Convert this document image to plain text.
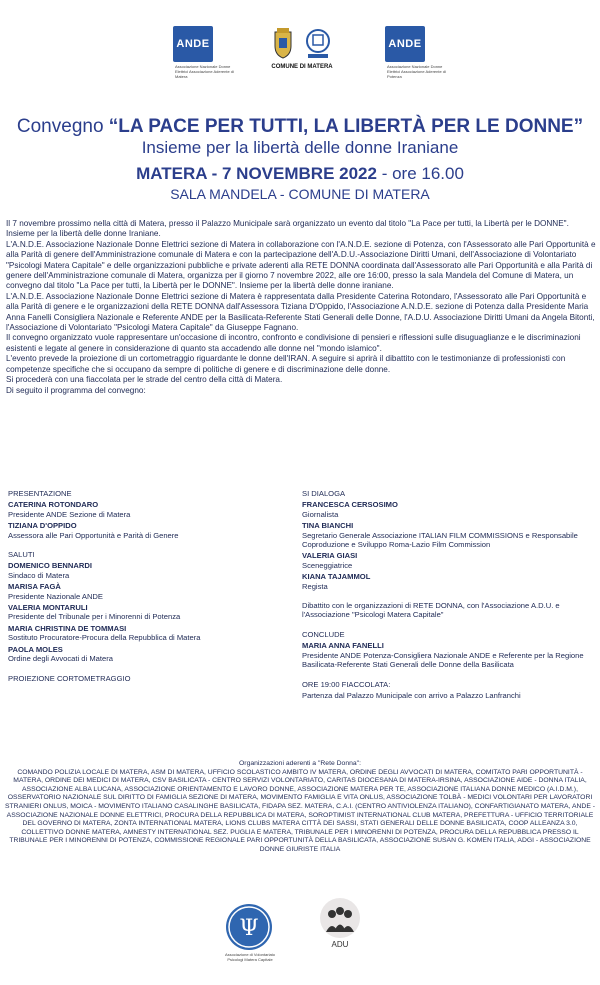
ANDE
Associazione Nazionale Donne Elettrici Associazione Aderente di Matera
COMUNE DI MATERA
ANDE
Associazione Nazionale Donne Elettrici Associazione Aderente di Potenza
Convegno “LA PACE PER TUTTI, LA LIBERTÀ PER LE DONNE”
Insieme per la libertà delle donne Iraniane
MATERA - 7 NOVEMBRE 2022 - ore 16.00
SALA MANDELA - COMUNE DI MATERA

Il 7 novembre prossimo nella città di Matera, presso il Palazzo Municipale sarà organizzato un evento dal titolo "La Pace per tutti, la Libertà per le DONNE". Insieme per la libertà delle donne Iraniane.

L'A.N.D.E. Associazione Nazionale Donne Elettrici sezione di Matera in collaborazione con l'A.N.D.E. sezione di Potenza, con l'Assessorato alle Pari Opportunità e alla Parità di genere dell'Amministrazione comunale di Matera e con la partecipazione dell'A.D.U.-Associazione Diritti Umani, dell'Associazione di Volontariato "Psicologi Matera Capitale" e delle organizzazioni pubbliche e private aderenti alla RETE DONNA coordinata dall'Assessorato alle Pari Opportunità e alla Parità di genere dell'Amministrazione comunale di Matera, organizza per il giorno 7 novembre 2022, alle ore 16:00, presso la sala Mandela del Comune di Matera, un convegno dal titolo "La Pace per tutti, la Libertà per le DONNE". Insieme per la libertà delle donne iraniane.

L'A.N.D.E. Associazione Nazionale Donne Elettrici sezione di Matera è rappresentata dalla Presidente Caterina Rotondaro, l'Assessorato alle Pari Opportunità e alla Parità di genere e le organizzazioni della RETE DONNA dall'Assessora Tiziana D'Oppido, l'Associazione A.N.D.E. sezione di Potenza dalla Presidente Maria Anna Fanelli Consigliera Nazionale e Referente ANDE per la Basilicata-Referente Stati Generali delle Donne, l'A.D.U. Associazione Diritti Umani da Angela Bitonti, l'Associazione di Volontariato "Psicologi Matera Capitale" da Giuseppe Fagnano.

Il convegno organizzato vuole rappresentare un'occasione di incontro, confronto e condivisione di pensieri e riflessioni sulle disuguaglianze e le discriminazioni esistenti e legate al genere in considerazione di quanto sta accadendo alle donne nel "mondo islamico".

L'evento prevede la proiezione di un cortometraggio riguardante le donne dell'IRAN. A seguire si aprirà il dibattito con le testimonianze di professionisti con competenze specifiche che si occupano da sempre di politiche di genere e di discriminazione delle donne.

Si procederà con una fiaccolata per le strade del centro della città di Matera.

Di seguito il programma del convegno:

PRESENTAZIONE
CATERINA ROTONDARO
Presidente ANDE Sezione di Matera
TIZIANA D'OPPIDO
Assessora alle Pari Opportunità e Parità di Genere
SALUTI
DOMENICO BENNARDI
Sindaco di Matera
MARISA FAGÀ
Presidente Nazionale ANDE
VALERIA MONTARULI
Presidente del Tribunale per i Minorenni di Potenza
MARIA CHRISTINA DE TOMMASI
Sostituto Procuratore-Procura della Repubblica di Matera
PAOLA MOLES
Ordine degli Avvocati di Matera
PROIEZIONE CORTOMETRAGGIO
SI DIALOGA
FRANCESCA CERSOSIMO
Giornalista
TINA BIANCHI
Segretario Generale Associazione ITALIAN FILM COMMISSIONS e Responsabile Coproduzione e Sviluppo Roma-Lazio Film Commission
VALERIA GIASI
Sceneggiatrice
KIANA TAJAMMOL
Regista
Dibattito con le organizzazioni di RETE DONNA, con l'Associazione A.D.U. e l'Associazione "Psicologi Matera Capitale"
CONCLUDE
MARIA ANNA FANELLI
Presidente ANDE Potenza-Consigliera Nazionale ANDE e Referente per la Regione Basilicata-Referente Stati Generali delle Donne della Basilicata
ORE 19:00 FIACCOLATA:
Partenza dal Palazzo Municipale con arrivo a Palazzo Lanfranchi
Organizzazioni aderenti a "Rete Donna":
COMANDO POLIZIA LOCALE DI MATERA, ASM DI MATERA, UFFICIO SCOLASTICO AMBITO IV MATERA, ORDINE DEGLI AVVOCATI DI MATERA, COMITATO PARI OPPORTUNITÀ - MATERA, ORDINE DEI MEDICI DI MATERA, CSV BASILICATA - CENTRO SERVIZI VOLONTARIATO, CARITAS DIOCESANA DI MATERA-IRSINA, ASSOCIAZIONE AIDE - DONNA ITALIA, ASSOCIAZIONE ALBA LUCANA, ASSOCIAZIONE ORIENTAMENTO E LAVORO DONNE, ASSOCIAZIONE MATERA PER TE, ASSOCIAZIONE ITALIANA DONNE MEDICO (A.I.D.M.), OSSERVATORIO NAZIONALE SUL DIRITTO DI FAMIGLIA SEZIONE DI MATERA, MOVIMENTO FAMIGLIA E VITA ONLUS, ASSOCIAZIONE TOLBÀ - MEDICI VOLONTARI PER LAVORATORI STRANIERI ONLUS, MOICA - MOVIMENTO ITALIANO CASALINGHE BASILICATA, FIDAPA SEZ. MATERA, C.A.I. (CENTRO ANTIVIOLENZA ITALIANO), CONFARTIGIANATO MATERA, ANDE - ASSOCIAZIONE NAZIONALE DONNE ELETTRICI, PROCURA DELLA REPUBBLICA DI MATERA, SOROPTIMIST INTERNATIONAL CLUB MATERA, PREFETTURA - UFFICIO TERRITORIALE DEL GOVERNO DI MATERA, ZONTA INTERNATIONAL MATERA, LIONS CLUBS MATERA CITTÀ DEI SASSI, STATI GENERALI DELLE DONNE BASILICATA, COOP ALLEANZA 3.0, COLLETTIVO DONNE MATERA, AMNESTY INTERNATIONAL SEZ. PUGLIA E MATERA, TRIBUNALE PER I MINORENNI DI POTENZA, PROCURA DELLA REPUBBLICA PRESSO IL TRIBUNALE PER I MINORENNI DI POTENZA, COMMISSIONE REGIONALE PARI OPPORTUNITÀ DELLA BASILICATA, ASSOCIAZIONE SUSAN G. KOMEN ITALIA, ADGI - ASSOCIAZIONE DONNE GIURISTE ITALIA
Ψ
Associazione di Volontariato Psicologi Matera Capitale
ADU
